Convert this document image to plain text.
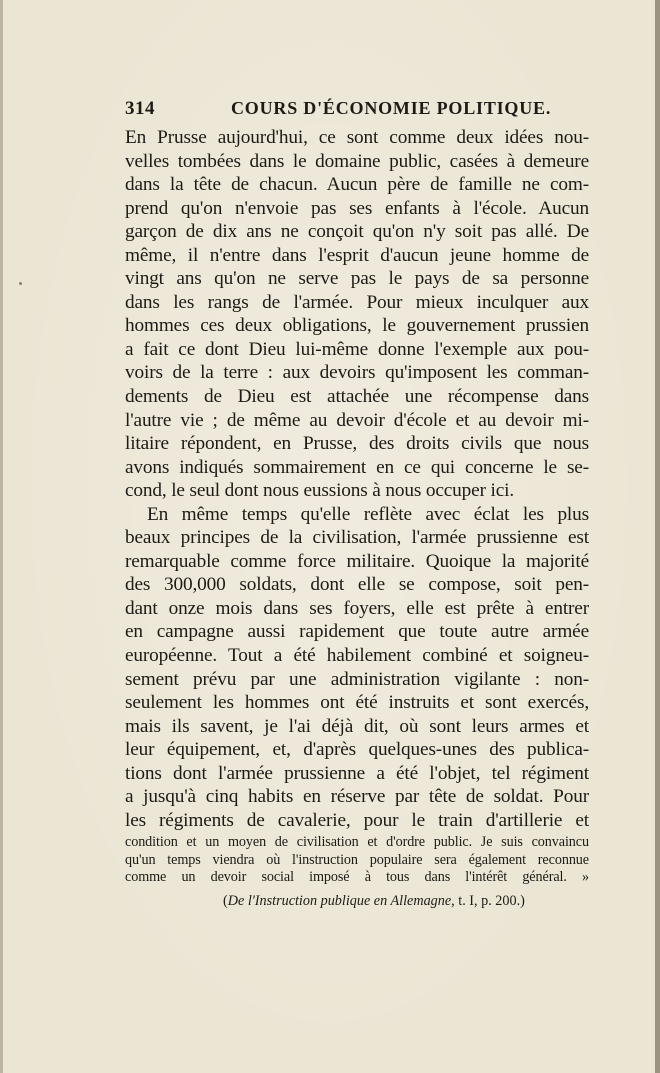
314	COURS D'ÉCONOMIE POLITIQUE.
En Prusse aujourd'hui, ce sont comme deux idées nou-
velles tombées dans le domaine public, casées à demeure
dans la tête de chacun. Aucun père de famille ne com-
prend qu'on n'envoie pas ses enfants à l'école. Aucun
garçon de dix ans ne conçoit qu'on n'y soit pas allé. De
même, il n'entre dans l'esprit d'aucun jeune homme de
vingt ans qu'on ne serve pas le pays de sa personne
dans les rangs de l'armée. Pour mieux inculquer aux
hommes ces deux obligations, le gouvernement prussien
a fait ce dont Dieu lui-même donne l'exemple aux pou-
voirs de la terre : aux devoirs qu'imposent les comman-
dements de Dieu est attachée une récompense dans
l'autre vie ; de même au devoir d'école et au devoir mi-
litaire répondent, en Prusse, des droits civils que nous
avons indiqués sommairement en ce qui concerne le se-
cond, le seul dont nous eussions à nous occuper ici.
En même temps qu'elle reflète avec éclat les plus
beaux principes de la civilisation, l'armée prussienne est
remarquable comme force militaire. Quoique la majorité
des 300,000 soldats, dont elle se compose, soit pen-
dant onze mois dans ses foyers, elle est prête à entrer
en campagne aussi rapidement que toute autre armée
européenne. Tout a été habilement combiné et soigneu-
sement prévu par une administration vigilante : non-
seulement les hommes ont été instruits et sont exercés,
mais ils savent, je l'ai déjà dit, où sont leurs armes et
leur équipement, et, d'après quelques-unes des publica-
tions dont l'armée prussienne a été l'objet, tel régiment
a jusqu'à cinq habits en réserve par tête de soldat. Pour
les régiments de cavalerie, pour le train d'artillerie et
condition et un moyen de civilisation et d'ordre public. Je suis convaincu
qu'un temps viendra où l'instruction populaire sera également reconnue
comme un devoir social imposé à tous dans l'intérêt général. »
(De l'Instruction publique en Allemagne, t. I, p. 200.)
